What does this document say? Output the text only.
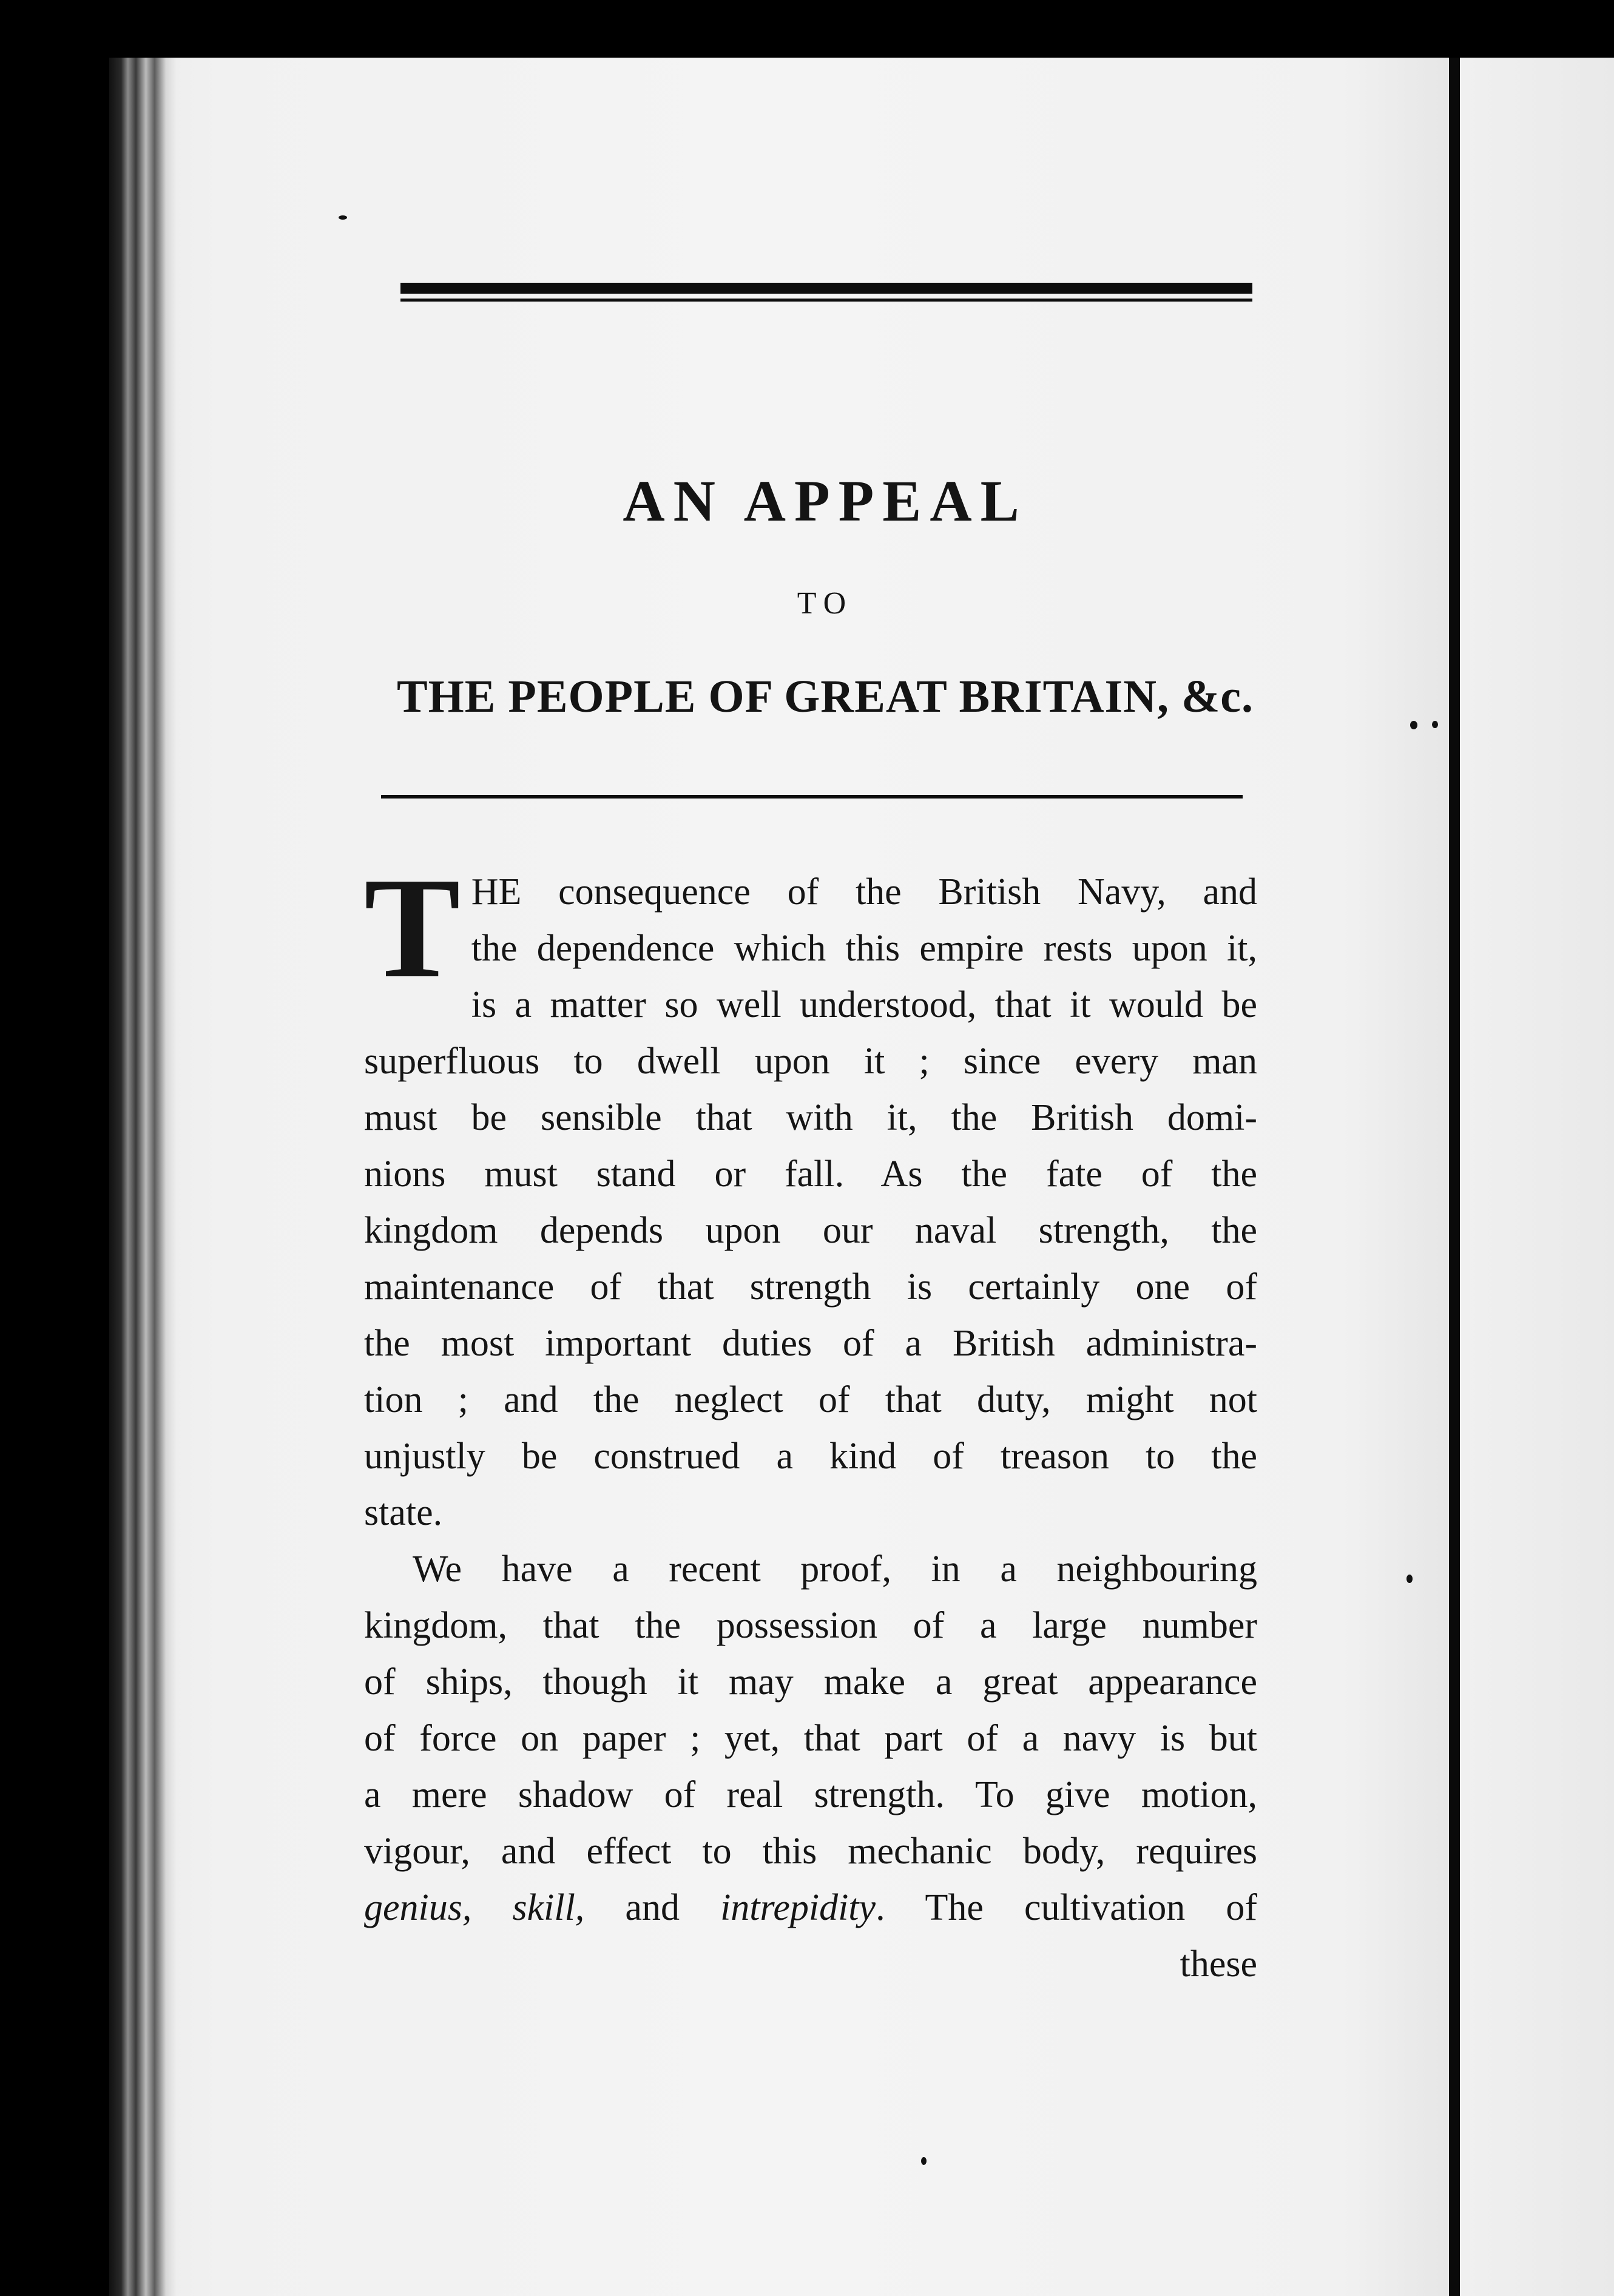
AN APPEAL
TO
THE PEOPLE OF GREAT BRITAIN, &c.
T HE consequence of the British Navy, and
the dependence which this empire rests upon it,
is a matter so well understood, that it would be
superfluous to dwell upon it ; since every man
must be sensible that with it, the British domi-
nions must stand or fall. As the fate of the
kingdom depends upon our naval strength, the
maintenance of that strength is certainly one of
the most important duties of a British administra-
tion ; and the neglect of that duty, might not
unjustly be construed a kind of treason to the
state.
We have a recent proof, in a neighbouring
kingdom, that the possession of a large number
of ships, though it may make a great appearance
of force on paper ; yet, that part of a navy is but
a mere shadow of real strength. To give motion,
vigour, and effect to this mechanic body, requires
genius, skill, and intrepidity. The cultivation of
these
